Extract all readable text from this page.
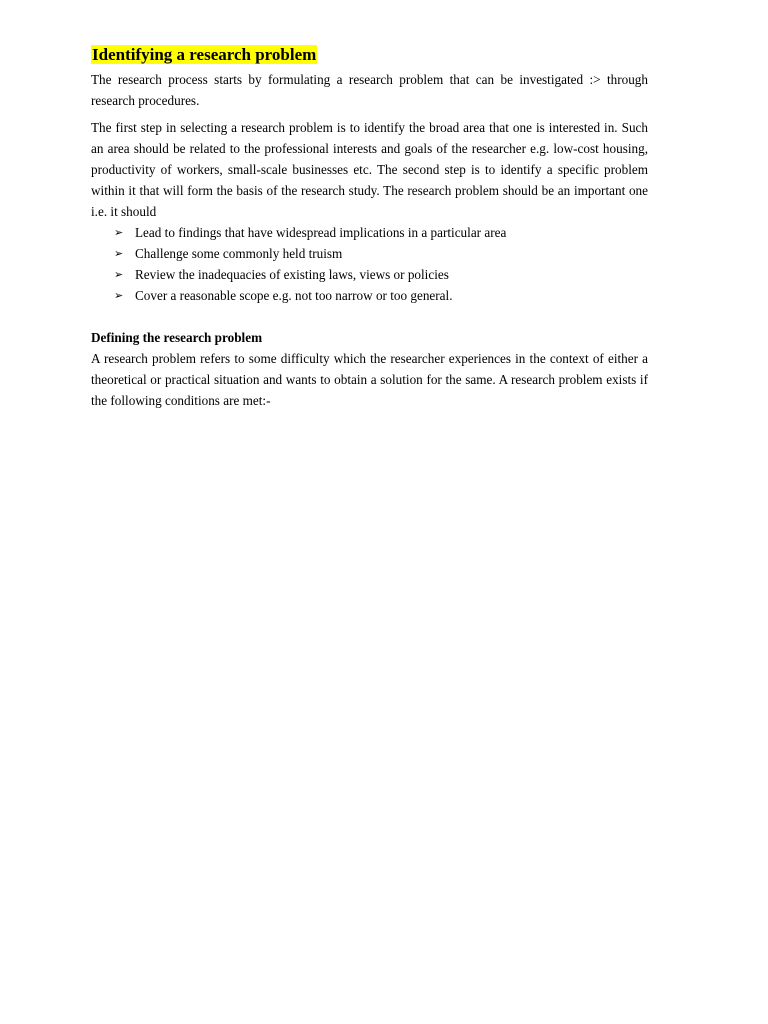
Identifying a research problem

The research process starts by formulating a research problem that can be investigated :> through research procedures.

The first step in selecting a research problem is to identify the broad area that one is interested in. Such an area should be related to the professional interests and goals of the researcher e.g. low-cost housing, productivity of workers, small-scale businesses etc. The second step is to identify a specific problem within it that will form the basis of the research study. The research problem should be an important one i.e. it should

➢ Lead to findings that have widespread implications in a particular area
➢ Challenge some commonly held truism
➢ Review the inadequacies of existing laws, views or policies
➢ Cover a reasonable scope e.g. not too narrow or too general.
Defining the research problem

A research problem refers to some difficulty which the researcher experiences in the context of either a theoretical or practical situation and wants to obtain a solution for the same. A research problem exists if the following conditions are met:-
